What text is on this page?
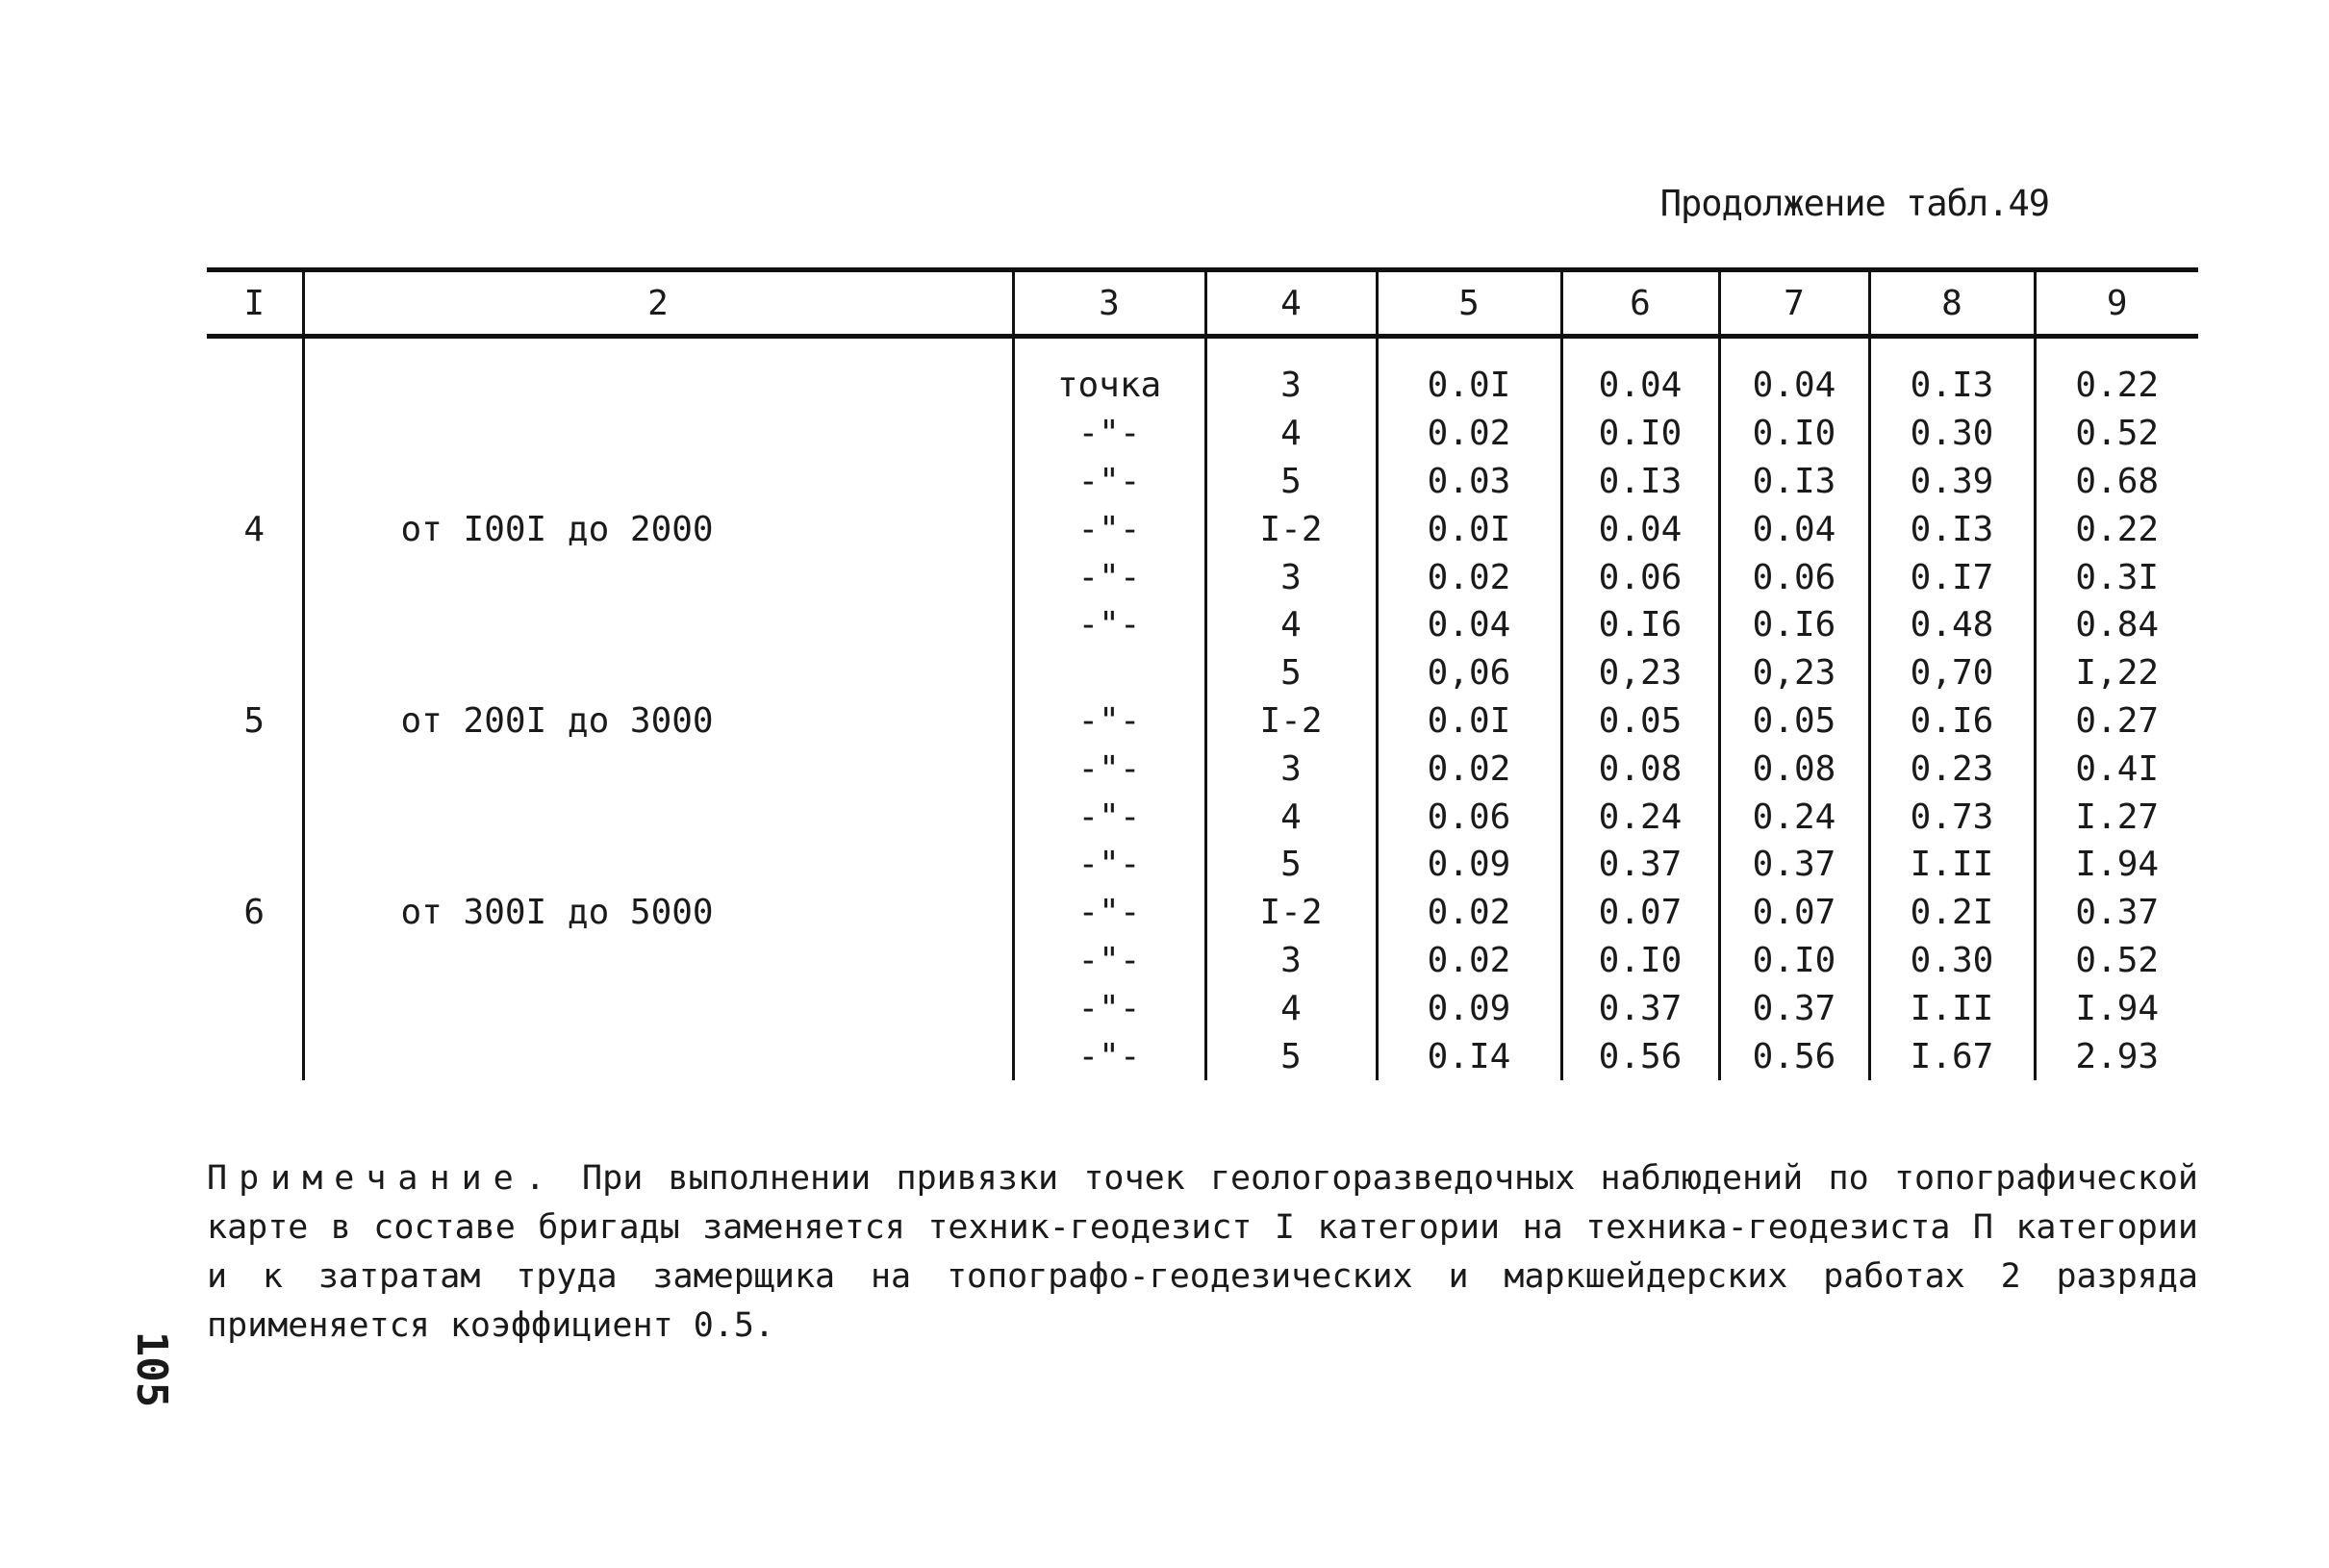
Продолжение табл.49
I	2	3	4	5	6	7	8	9
		точка	3	0.0I	0.04	0.04	0.I3	0.22
		-"-	4	0.02	0.I0	0.I0	0.30	0.52
		-"-	5	0.03	0.I3	0.I3	0.39	0.68
4	от I00I до 2000	-"-	I-2	0.0I	0.04	0.04	0.I3	0.22
		-"-	3	0.02	0.06	0.06	0.I7	0.3I
		-"-	4	0.04	0.I6	0.I6	0.48	0.84
			5	0,06	0,23	0,23	0,70	I,22
5	от 200I до 3000	-"-	I-2	0.0I	0.05	0.05	0.I6	0.27
		-"-	3	0.02	0.08	0.08	0.23	0.4I
		-"-	4	0.06	0.24	0.24	0.73	I.27
		-"-	5	0.09	0.37	0.37	I.II	I.94
6	от 300I до 5000	-"-	I-2	0.02	0.07	0.07	0.2I	0.37
		-"-	3	0.02	0.I0	0.I0	0.30	0.52
		-"-	4	0.09	0.37	0.37	I.II	I.94
		-"-	5	0.I4	0.56	0.56	I.67	2.93
Примечание. При выполнении привязки точек геологоразведочных наблюдений по топографической карте в составе бригады заменяется техник-геодезист I категории на техника-геодезиста П категории и к затратам труда замерщика на топографо-геодезических и маркшейдерских работах 2 разряда применяется коэффициент 0.5.
105
